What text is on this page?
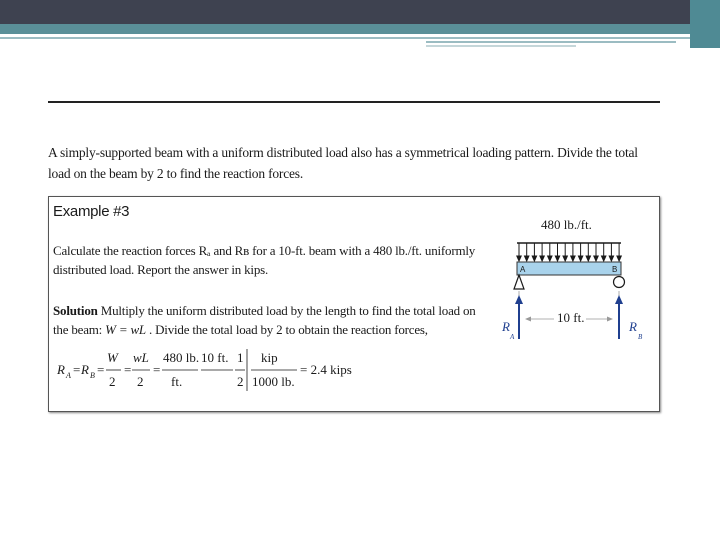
A simply-supported beam with a uniform distributed load also has a symmetrical loading pattern. Divide the total load on the beam by 2 to find the reaction forces.
Example #3
Calculate the reaction forces Rₐ and Rʙ for a 10-ft. beam with a 480 lb./ft. uniformly distributed load. Report the answer in kips.
Solution Multiply the uniform distributed load by the length to find the total load on the beam: W = wL . Divide the total load by 2 to obtain the reaction forces,
R A = R B =
W
2
=
wL
2
=
480 lb.
ft.
10 ft. 1
2
kip
1000 lb.
= 2.4 kips
480 lb./ft.
A	B
10 ft.
R
A
R
B
